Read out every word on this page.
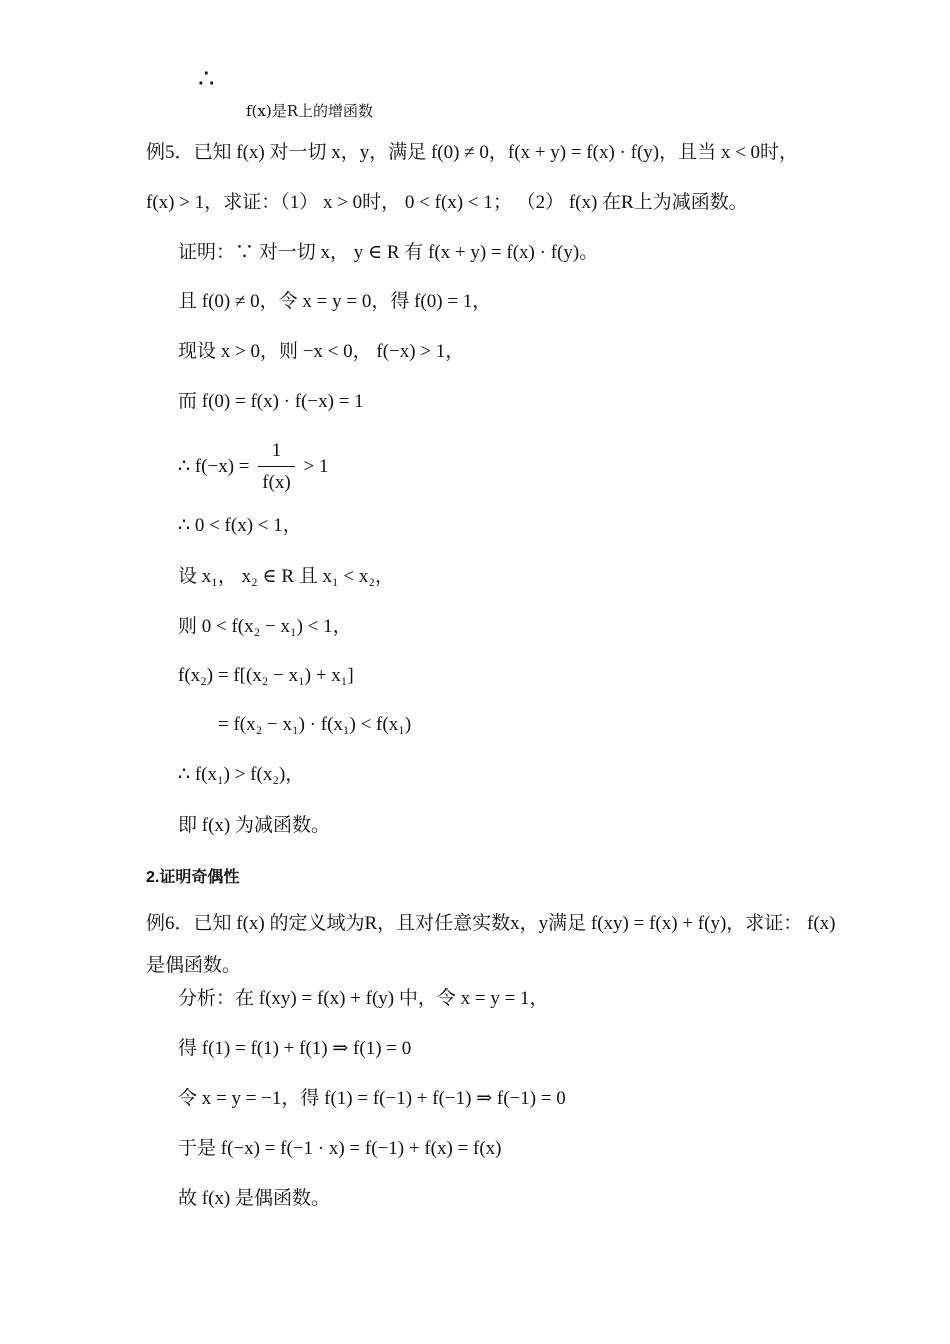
∴
f(x)是R上的增函数
例5．已知 f(x) 对一切 x，y，满足 f(0) ≠ 0，f(x + y) = f(x) · f(y)，且当 x < 0时，
f(x) > 1，求证：（1） x > 0时， 0 < f(x) < 1； （2） f(x) 在R上为减函数。
证明：∵ 对一切 x， y ∈ R 有 f(x + y) = f(x) · f(y)。
且 f(0) ≠ 0，令 x = y = 0，得 f(0) = 1，
现设 x > 0，则 −x < 0， f(−x) > 1，
而 f(0) = f(x) · f(−x) = 1
∴ $f(-x) = \frac{1}{f(x)} > 1$
∴ 0 < f(x) < 1，
设 x₁， x₂ ∈ R 且 x₁ < x₂，
则 0 < f(x₂ − x₁) < 1，
f(x₂) = f[(x₂ − x₁) + x₁]
= f(x₂ − x₁) · f(x₁) < f(x₁)
∴ f(x₁) > f(x₂)，
即 f(x) 为减函数。
2.证明奇偶性
例6．已知 f(x) 的定义域为R，且对任意实数x，y满足 f(xy) = f(x) + f(y)，求证： f(x)
是偶函数。
分析：在 f(xy) = f(x) + f(y) 中，令 x = y = 1，
得 f(1) = f(1) + f(1) ⇒ f(1) = 0
令 x = y = −1，得 f(1) = f(−1) + f(−1) ⇒ f(−1) = 0
于是 f(−x) = f(−1 · x) = f(−1) + f(x) = f(x)
故 f(x) 是偶函数。
